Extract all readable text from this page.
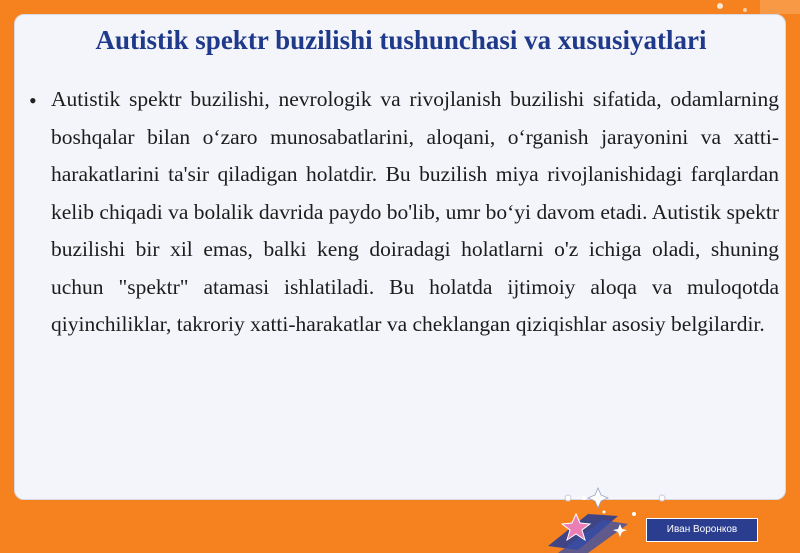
Autistik spektr buzilishi tushunchasi va xususiyatlari
• Autistik spektr buzilishi, nevrologik va rivojlanish buzilishi sifatida, odamlarning boshqalar bilan o‘zaro munosabatlarini, aloqani, o‘rganish jarayonini va xatti-harakatlarini ta'sir qiladigan holatdir. Bu buzilish miya rivojlanishidagi farqlardan kelib chiqadi va bolalik davrida paydo bo'lib, umr bo‘yi davom etadi. Autistik spektr buzilishi bir xil emas, balki keng doiradagi holatlarni o'z ichiga oladi, shuning uchun "spektr" atamasi ishlatiladi. Bu holatda ijtimoiy aloqa va muloqotda qiyinchiliklar, takroriy xatti-harakatlar va cheklangan qiziqishlar asosiy belgilardir.

Иван Воронков
